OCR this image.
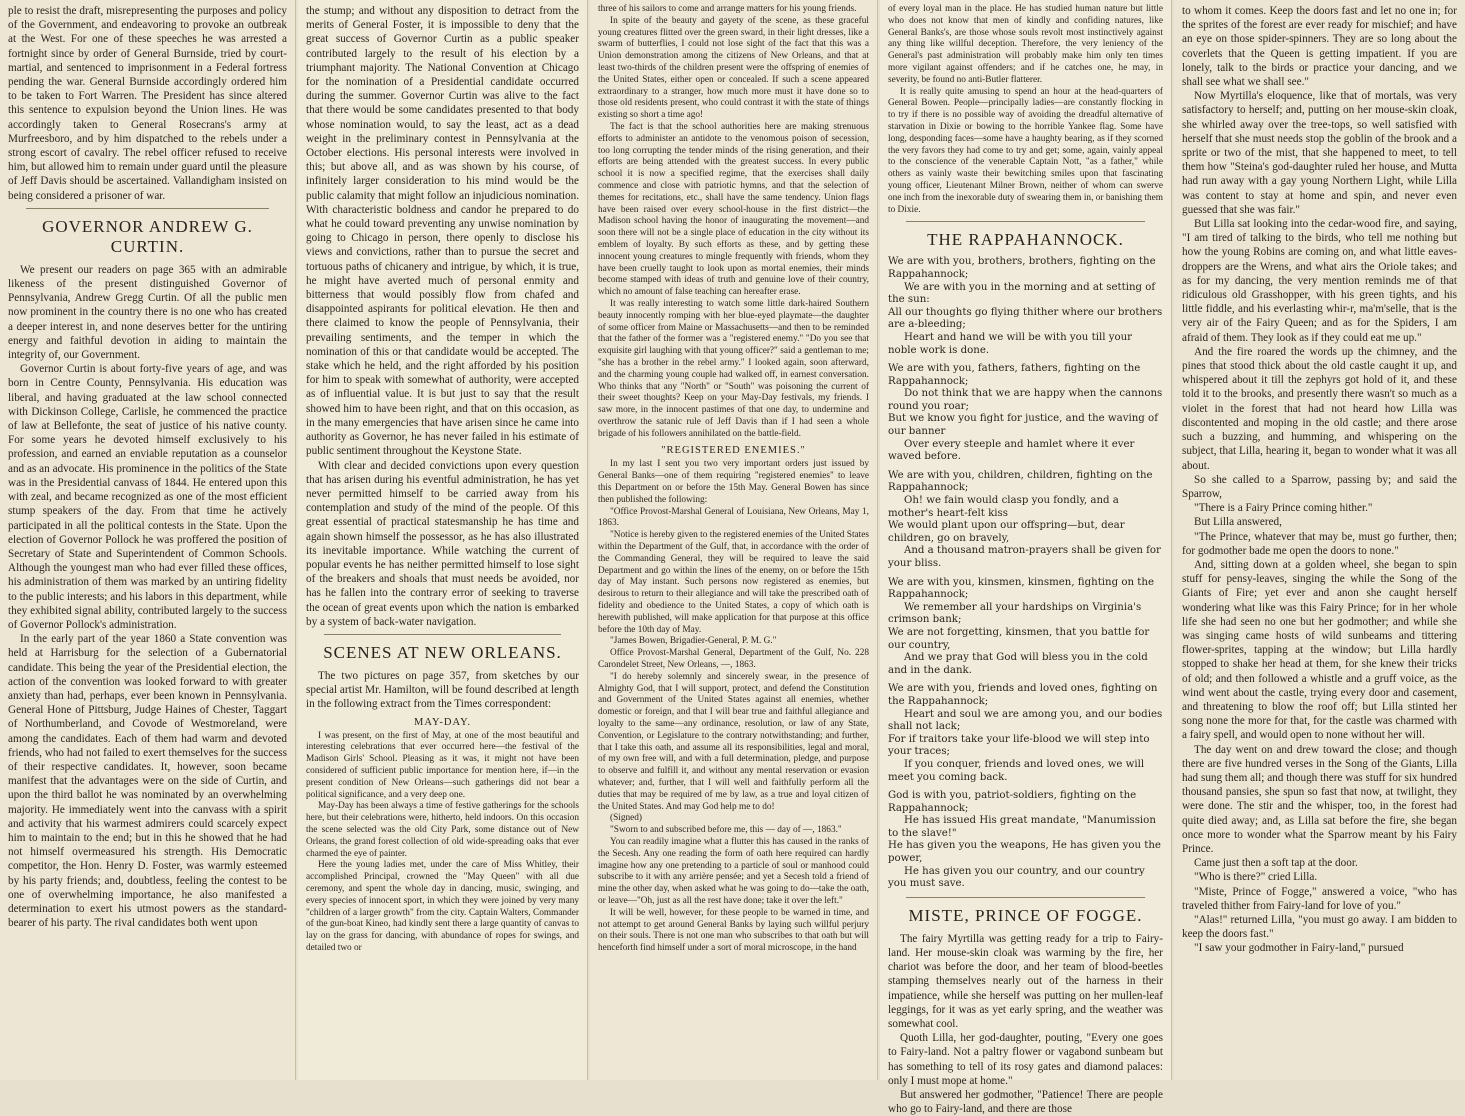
ple to resist the draft, misrepresenting the purposes and policy of the Government, and endeavoring to provoke an outbreak at the West. For one of these speeches he was arrested a fortnight since by order of General Burnside, tried by court-martial, and sentenced to imprisonment in a Federal fortress pending the war. General Burnside accordingly ordered him to be taken to Fort Warren. The President has since altered this sentence to expulsion beyond the Union lines. He was accordingly taken to General Rosecrans's army at Murfreesboro, and by him dispatched to the rebels under a strong escort of cavalry. The rebel officer refused to receive him, but allowed him to remain under guard until the pleasure of Jeff Davis should be ascertained. Vallandigham insisted on being considered a prisoner of war.

GOVERNOR ANDREW G. CURTIN.

We present our readers on page 365 with an admirable likeness of the present distinguished Governor of Pennsylvania, Andrew Gregg Curtin. Of all the public men now prominent in the country there is no one who has created a deeper interest in, and none deserves better for the untiring energy and faithful devotion in aiding to maintain the integrity of, our Government.

Governor Curtin is about forty-five years of age, and was born in Centre County, Pennsylvania. His education was liberal, and having graduated at the law school connected with Dickinson College, Carlisle, he commenced the practice of law at Bellefonte, the seat of justice of his native county. For some years he devoted himself exclusively to his profession, and earned an enviable reputation as a counselor and as an advocate. His prominence in the politics of the State was in the Presidential canvass of 1844. He entered upon this with zeal, and became recognized as one of the most efficient stump speakers of the day. From that time he actively participated in all the political contests in the State. Upon the election of Governor Pollock he was proffered the position of Secretary of State and Superintendent of Common Schools. Although the youngest man who had ever filled these offices, his administration of them was marked by an untiring fidelity to the public interests; and his labors in this department, while they exhibited signal ability, contributed largely to the success of Governor Pollock's administration.

In the early part of the year 1860 a State convention was held at Harrisburg for the selection of a Gubernatorial candidate. This being the year of the Presidential election, the action of the convention was looked forward to with greater anxiety than had, perhaps, ever been known in Pennsylvania. General Hone of Pittsburg, Judge Haines of Chester, Taggart of Northumberland, and Covode of Westmoreland, were among the candidates. Each of them had warm and devoted friends, who had not failed to exert themselves for the success of their respective candidates. It, however, soon became manifest that the advantages were on the side of Curtin, and upon the third ballot he was nominated by an overwhelming majority. He immediately went into the canvass with a spirit and activity that his warmest admirers could scarcely expect him to maintain to the end; but in this he showed that he had not himself overmeasured his strength. His Democratic competitor, the Hon. Henry D. Foster, was warmly esteemed by his party friends; and, doubtless, feeling the contest to be one of overwhelming importance, he also manifested a determination to exert his utmost powers as the standard-bearer of his party. The rival candidates both went upon

the stump; and without any disposition to detract from the merits of General Foster, it is impossible to deny that the great success of Governor Curtin as a public speaker contributed largely to the result of his election by a triumphant majority. The National Convention at Chicago for the nomination of a Presidential candidate occurred during the summer. Governor Curtin was alive to the fact that there would be some candidates presented to that body whose nomination would, to say the least, act as a dead weight in the preliminary contest in Pennsylvania at the October elections. His personal interests were involved in this; but above all, and as was shown by his course, of infinitely larger consideration to his mind would be the public calamity that might follow an injudicious nomination. With characteristic boldness and candor he prepared to do what he could toward preventing any unwise nomination by going to Chicago in person, there openly to disclose his views and convictions, rather than to pursue the secret and tortuous paths of chicanery and intrigue, by which, it is true, he might have averted much of personal enmity and bitterness that would possibly flow from chafed and disappointed aspirants for political elevation. He then and there claimed to know the people of Pennsylvania, their prevailing sentiments, and the temper in which the nomination of this or that candidate would be accepted. The stake which he held, and the right afforded by his position for him to speak with somewhat of authority, were accepted as of influential value. It is but just to say that the result showed him to have been right, and that on this occasion, as in the many emergencies that have arisen since he came into authority as Governor, he has never failed in his estimate of public sentiment throughout the Keystone State.

With clear and decided convictions upon every question that has arisen during his eventful administration, he has yet never permitted himself to be carried away from his contemplation and study of the mind of the people. Of this great essential of practical statesmanship he has time and again shown himself the possessor, as he has also illustrated its inevitable importance. While watching the current of popular events he has neither permitted himself to lose sight of the breakers and shoals that must needs be avoided, nor has he fallen into the contrary error of seeking to traverse the ocean of great events upon which the nation is embarked by a system of back-water navigation.

SCENES AT NEW ORLEANS.

The two pictures on page 357, from sketches by our special artist Mr. Hamilton, will be found described at length in the following extract from the Times correspondent:

MAY-DAY.

I was present, on the first of May, at one of the most beautiful and interesting celebrations that ever occurred here—the festival of the Madison Girls' School. Pleasing as it was, it might not have been considered of sufficient public importance for mention here, if—in the present condition of New Orleans—such gatherings did not bear a political significance, and a very deep one.

May-Day has been always a time of festive gatherings for the schools here, but their celebrations were, hitherto, held indoors. On this occasion the scene selected was the old City Park, some distance out of New Orleans, the grand forest collection of old wide-spreading oaks that ever charmed the eye of painter.

Here the young ladies met, under the care of Miss Whitley, their accomplished Principal, crowned the "May Queen" with all due ceremony, and spent the whole day in dancing, music, swinging, and every species of innocent sport, in which they were joined by very many "children of a larger growth" from the city. Captain Walters, Commander of the gun-boat Kineo, had kindly sent there a large quantity of canvas to lay on the grass for dancing, with abundance of ropes for swings, and detailed two or

three of his sailors to come and arrange matters for his young friends.

In spite of the beauty and gayety of the scene, as these graceful young creatures flitted over the green sward, in their light dresses, like a swarm of butterflies, I could not lose sight of the fact that this was a Union demonstration among the citizens of New Orleans, and that at least two-thirds of the children present were the offspring of enemies of the United States, either open or concealed. If such a scene appeared extraordinary to a stranger, how much more must it have done so to those old residents present, who could contrast it with the state of things existing so short a time ago!

The fact is that the school authorities here are making strenuous efforts to administer an antidote to the venomous poison of secession, too long corrupting the tender minds of the rising generation, and their efforts are being attended with the greatest success. In every public school it is now a specified regime, that the exercises shall daily commence and close with patriotic hymns, and that the selection of themes for recitations, etc., shall have the same tendency. Union flags have been raised over every school-house in the first district—the Madison school having the honor of inaugurating the movement—and soon there will not be a single place of education in the city without its emblem of loyalty. By such efforts as these, and by getting these innocent young creatures to mingle frequently with friends, whom they have been cruelly taught to look upon as mortal enemies, their minds become stamped with ideas of truth and genuine love of their country, which no amount of false teaching can hereafter erase.

It was really interesting to watch some little dark-haired Southern beauty innocently romping with her blue-eyed playmate—the daughter of some officer from Maine or Massachusetts—and then to be reminded that the father of the former was a "registered enemy." "Do you see that exquisite girl laughing with that young officer?" said a gentleman to me; "she has a brother in the rebel army." I looked again, soon afterward, and the charming young couple had walked off, in earnest conversation. Who thinks that any "North" or "South" was poisoning the current of their sweet thoughts? Keep on your May-Day festivals, my friends. I saw more, in the innocent pastimes of that one day, to undermine and overthrow the satanic rule of Jeff Davis than if I had seen a whole brigade of his followers annihilated on the battle-field.

"REGISTERED ENEMIES."

In my last I sent you two very important orders just issued by General Banks—one of them requiring "registered enemies" to leave this Department on or before the 15th May. General Bowen has since then published the following:

"Office Provost-Marshal General of Louisiana, New Orleans, May 1, 1863.

"Notice is hereby given to the registered enemies of the United States within the Department of the Gulf, that, in accordance with the order of the Commanding General, they will be required to leave the said Department and go within the lines of the enemy, on or before the 15th day of May instant. Such persons now registered as enemies, but desirous to return to their allegiance and will take the prescribed oath of fidelity and obedience to the United States, a copy of which oath is herewith published, will make application for that purpose at this office before the 10th day of May.

"James Bowen, Brigadier-General, P. M. G."

Office Provost-Marshal General, Department of the Gulf, No. 228 Carondelet Street, New Orleans, —, 1863.

"I do hereby solemnly and sincerely swear, in the presence of Almighty God, that I will support, protect, and defend the Constitution and Government of the United States against all enemies, whether domestic or foreign, and that I will bear true and faithful allegiance and loyalty to the same—any ordinance, resolution, or law of any State, Convention, or Legislature to the contrary notwithstanding; and further, that I take this oath, and assume all its responsibilities, legal and moral, of my own free will, and with a full determination, pledge, and purpose to observe and fulfill it, and without any mental reservation or evasion whatever; and, further, that I will well and faithfully perform all the duties that may be required of me by law, as a true and loyal citizen of the United States. And may God help me to do!

(Signed)

"Sworn to and subscribed before me, this — day of —, 1863."

You can readily imagine what a flutter this has caused in the ranks of the Secesh. Any one reading the form of oath here required can hardly imagine how any one pretending to a particle of soul or manhood could subscribe to it with any arrière pensée; and yet a Secesh told a friend of mine the other day, when asked what he was going to do—take the oath, or leave—"Oh, just as all the rest have done; take it over the left."

It will be well, however, for these people to be warned in time, and not attempt to get around General Banks by laying such willful perjury on their souls. There is not one man who subscribes to that oath but will henceforth find himself under a sort of moral microscope, in the hand

of every loyal man in the place. He has studied human nature but little who does not know that men of kindly and confiding natures, like General Banks's, are those whose souls revolt most instinctively against any thing like willful deception. Therefore, the very leniency of the General's past administration will probably make him only ten times more vigilant against offenders; and if he catches one, he may, in severity, be found no anti-Butler flatterer.

It is really quite amusing to spend an hour at the head-quarters of General Bowen. People—principally ladies—are constantly flocking in to try if there is no possible way of avoiding the dreadful alternative of starvation in Dixie or bowing to the horrible Yankee flag. Some have long, desponding faces—some have a haughty bearing, as if they scorned the very favors they had come to try and get; some, again, vainly appeal to the conscience of the venerable Captain Nott, "as a father," while others as vainly waste their bewitching smiles upon that fascinating young officer, Lieutenant Milner Brown, neither of whom can swerve one inch from the inexorable duty of swearing them in, or banishing them to Dixie.

THE RAPPAHANNOCK.

We are with you, brothers, brothers, fighting on the Rappahannock;
We are with you in the morning and at setting of the sun:
All our thoughts go flying thither where our brothers are a-bleeding;
Heart and hand we will be with you till your noble work is done.

We are with you, fathers, fathers, fighting on the Rappahannock;
Do not think that we are happy when the cannons round you roar;
But we know you fight for justice, and the waving of our banner
Over every steeple and hamlet where it ever waved before.

We are with you, children, children, fighting on the Rappahannock;
Oh! we fain would clasp you fondly, and a mother's heart-felt kiss
We would plant upon our offspring—but, dear children, go on bravely,
And a thousand matron-prayers shall be given for your bliss.

We are with you, kinsmen, kinsmen, fighting on the Rappahannock;
We remember all your hardships on Virginia's crimson bank;
We are not forgetting, kinsmen, that you battle for our country,
And we pray that God will bless you in the cold and in the dank.

We are with you, friends and loved ones, fighting on the Rappahannock;
Heart and soul we are among you, and our bodies shall not lack;
For if traitors take your life-blood we will step into your traces;
If you conquer, friends and loved ones, we will meet you coming back.

God is with you, patriot-soldiers, fighting on the Rappahannock;
He has issued His great mandate, "Manumission to the slave!"
He has given you the weapons, He has given you the power,
He has given you our country, and our country you must save.

MISTE, PRINCE OF FOGGE.

The fairy Myrtilla was getting ready for a trip to Fairy-land. Her mouse-skin cloak was warming by the fire, her chariot was before the door, and her team of blood-beetles stamping themselves nearly out of the harness in their impatience, while she herself was putting on her mullen-leaf leggings, for it was as yet early spring, and the weather was somewhat cool.

Quoth Lilla, her god-daughter, pouting, "Every one goes to Fairy-land. Not a paltry flower or vagabond sunbeam but has something to tell of its rosy gates and diamond palaces: only I must mope at home."

But answered her godmother, "Patience! There are people who go to Fairy-land, and there are those

to whom it comes. Keep the doors fast and let no one in; for the sprites of the forest are ever ready for mischief; and have an eye on those spider-spinners. They are so long about the coverlets that the Queen is getting impatient. If you are lonely, talk to the birds or practice your dancing, and we shall see what we shall see."

Now Myrtilla's eloquence, like that of mortals, was very satisfactory to herself; and, putting on her mouse-skin cloak, she whirled away over the tree-tops, so well satisfied with herself that she must needs stop the goblin of the brook and a sprite or two of the mist, that she happened to meet, to tell them how "Steina's god-daughter ruled her house, and Mutta had run away with a gay young Northern Light, while Lilla was content to stay at home and spin, and never even guessed that she was fair."

But Lilla sat looking into the cedar-wood fire, and saying, "I am tired of talking to the birds, who tell me nothing but how the young Robins are coming on, and what little eaves-droppers are the Wrens, and what airs the Oriole takes; and as for my dancing, the very mention reminds me of that ridiculous old Grasshopper, with his green tights, and his little fiddle, and his everlasting whir-r, ma'm'selle, that is the very air of the Fairy Queen; and as for the Spiders, I am afraid of them. They look as if they could eat me up."

And the fire roared the words up the chimney, and the pines that stood thick about the old castle caught it up, and whispered about it till the zephyrs got hold of it, and these told it to the brooks, and presently there wasn't so much as a violet in the forest that had not heard how Lilla was discontented and moping in the old castle; and there arose such a buzzing, and humming, and whispering on the subject, that Lilla, hearing it, began to wonder what it was all about.

So she called to a Sparrow, passing by; and said the Sparrow,

"There is a Fairy Prince coming hither."

But Lilla answered,

"The Prince, whatever that may be, must go further, then; for godmother bade me open the doors to none."

And, sitting down at a golden wheel, she began to spin stuff for pensy-leaves, singing the while the Song of the Giants of Fire; yet ever and anon she caught herself wondering what like was this Fairy Prince; for in her whole life she had seen no one but her godmother; and while she was singing came hosts of wild sunbeams and tittering flower-sprites, tapping at the window; but Lilla hardly stopped to shake her head at them, for she knew their tricks of old; and then followed a whistle and a gruff voice, as the wind went about the castle, trying every door and casement, and threatening to blow the roof off; but Lilla stinted her song none the more for that, for the castle was charmed with a fairy spell, and would open to none without her will.

The day went on and drew toward the close; and though there are five hundred verses in the Song of the Giants, Lilla had sung them all; and though there was stuff for six hundred thousand pansies, she spun so fast that now, at twilight, they were done. The stir and the whisper, too, in the forest had quite died away; and, as Lilla sat before the fire, she began once more to wonder what the Sparrow meant by his Fairy Prince.

Came just then a soft tap at the door.

"Who is there?" cried Lilla.

"Miste, Prince of Fogge," answered a voice, "who has traveled thither from Fairy-land for love of you."

"Alas!" returned Lilla, "you must go away. I am bidden to keep the doors fast."

"I saw your godmother in Fairy-land," pursued
